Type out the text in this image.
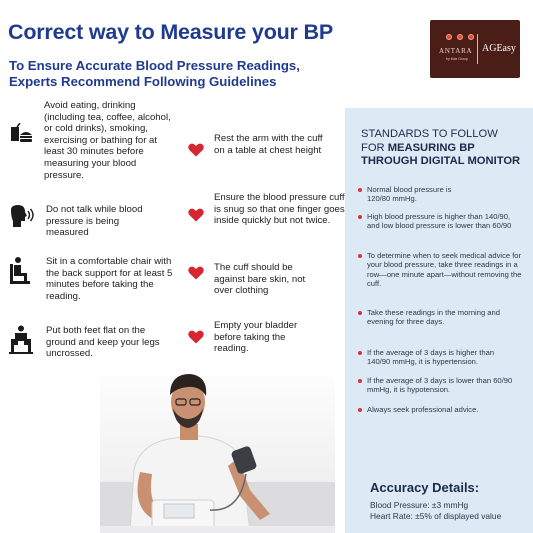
Correct way to Measure your BP
To Ensure Accurate Blood Pressure Readings, Experts Recommend Following Guidelines
ANTARA
by Max Group
AGEasy
Avoid eating, drinking (including tea, coffee, alcohol, or cold drinks), smoking, exercising or bathing for at least 30 minutes before measuring your blood pressure.
Do not talk while blood pressure is being measured
Sit in a comfortable chair with the back support for at least 5 minutes before taking the reading.
Put both feet flat on the ground and keep your legs uncrossed.
Rest the arm with the cuff on a table at chest height
Ensure the blood pressure cuff is snug so that one finger goes inside quickly but not twice.
The cuff should be against bare skin, not over clothing
Empty your bladder before taking the reading.
STANDARDS TO FOLLOW
FOR MEASURING BP THROUGH DIGITAL MONITOR
Normal blood pressure is 120/80 mmHg.
High blood pressure is higher than 140/90, and low blood pressure is lower than 60/90
To determine when to seek medical advice for your blood pressure, take three readings in a row—one minute apart—without removing the cuff.
Take these readings in the morning and evening for three days.
If the average of 3 days is higher than 140/90 mmHg, it is hypertension.
If the average of 3 days is lower than 60/90 mmHg, it is hypotension.
Always seek professional advice.
Accuracy Details:
Blood Pressure: ±3 mmHg
Heart Rate: ±5% of displayed value
